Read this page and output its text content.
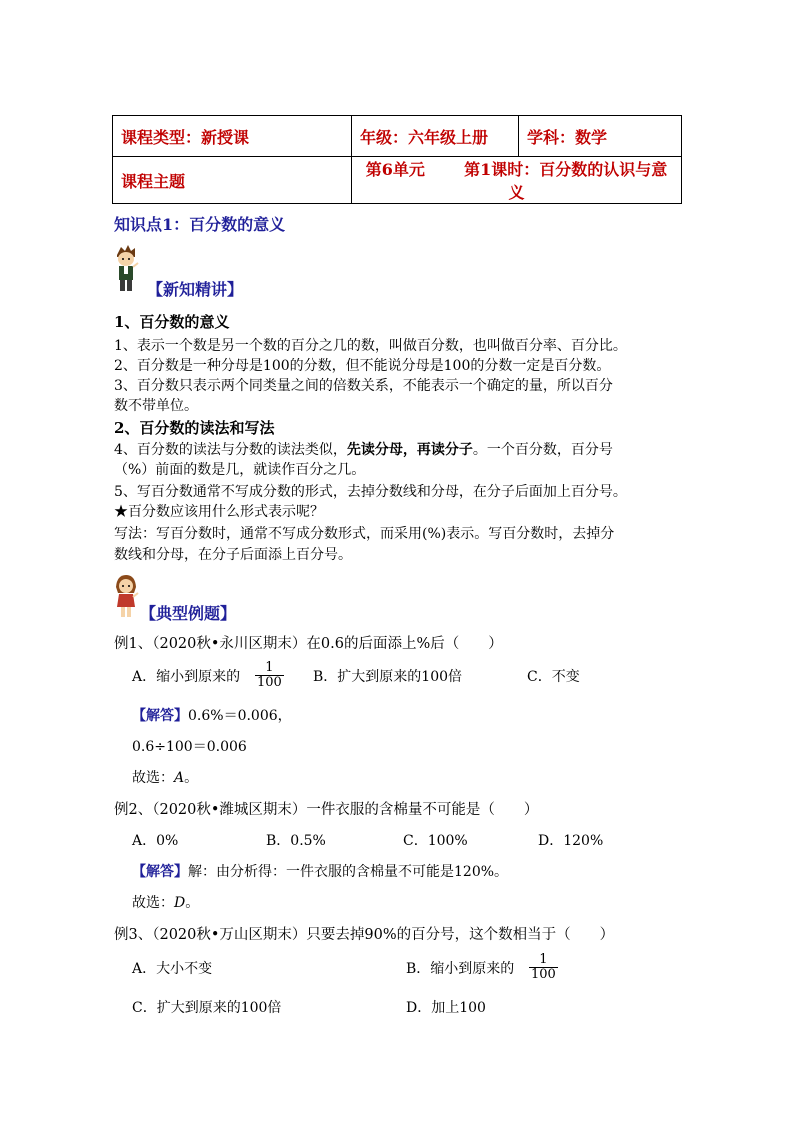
课程类型：新授课	年级：六年级上册	学科：数学
课程主题	第6单元 第1课时：百分数的认识与意义	
知识点1：百分数的意义
【新知精讲】
1、百分数的意义
1、表示一个数是另一个数的百分之几的数，叫做百分数，也叫做百分率、百分比。
2、百分数是一种分母是100的分数，但不能说分母是100的分数一定是百分数。
3、百分数只表示两个同类量之间的倍数关系，不能表示一个确定的量，所以百分
数不带单位。
2、百分数的读法和写法
4、百分数的读法与分数的读法类似，先读分母，再读分子。一个百分数，百分号
（%）前面的数是几，就读作百分之几。
5、写百分数通常不写成分数的形式，去掉分数线和分母，在分子后面加上百分号。
★百分数应该用什么形式表示呢？
写法：写百分数时，通常不写成分数形式，而采用(%)表示。写百分数时，去掉分
数线和分母，在分子后面添上百分号。
【典型例题】
例1、（2020秋•永川区期末）在0.6的后面添上%后（　　）
A．缩小到原来的 $\frac{1}{100}$ B．扩大到原来的100倍	C．不变
【解答】0.6%＝0.006，
0.6÷100＝0.006
故选：A。
例2、（2020秋•潍城区期末）一件衣服的含棉量不可能是（　　）
A．0%	B．0.5%	C．100%	D．120%
【解答】解：由分析得：一件衣服的含棉量不可能是120%。
故选：D。
例3、（2020秋•万山区期末）只要去掉90%的百分号，这个数相当于（　　）
A．大小不变	B．缩小到原来的 $\frac{1}{100}$
C．扩大到原来的100倍	D．加上100
